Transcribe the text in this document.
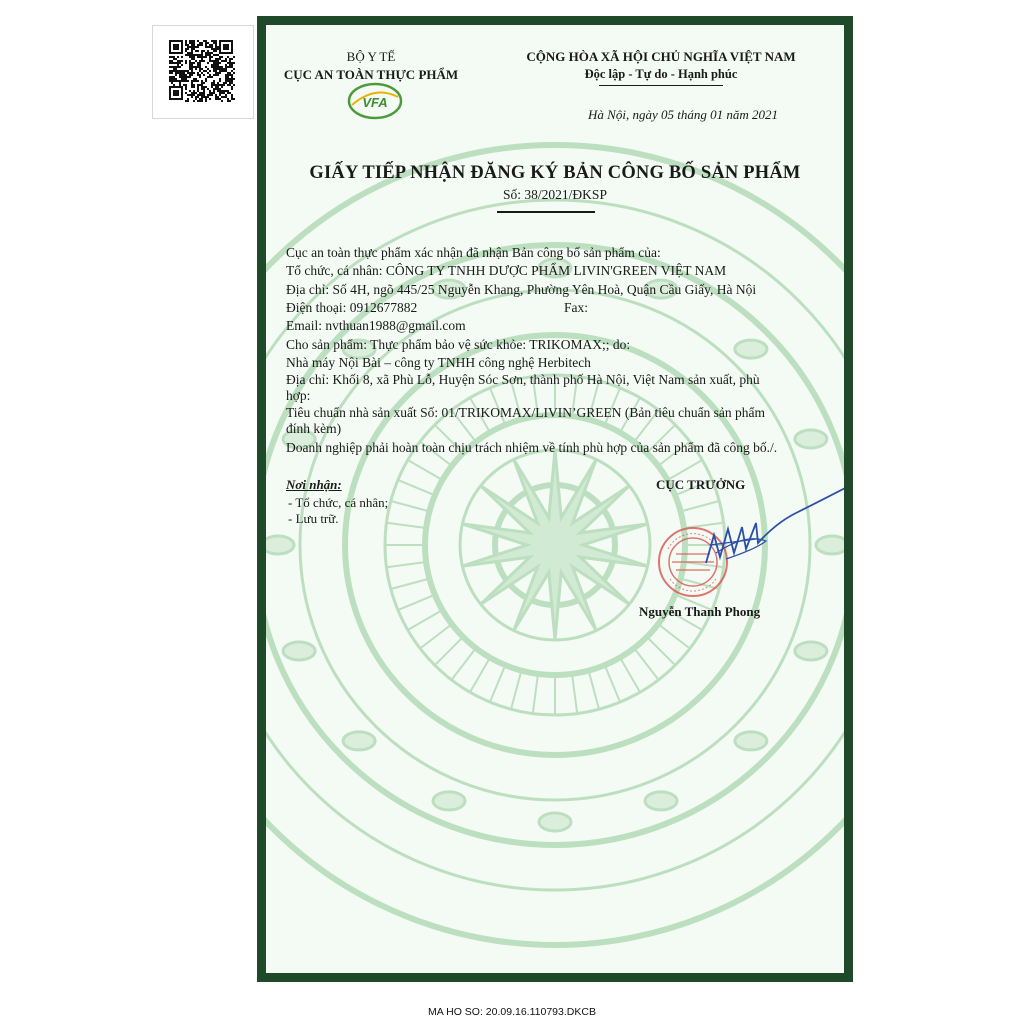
BỘ Y TẾ
CỤC AN TOÀN THỰC PHẨM
VFA
CỘNG HÒA XÃ HỘI CHỦ NGHĨA VIỆT NAM
Độc lập - Tự do - Hạnh phúc
Hà Nội, ngày 05 tháng 01 năm 2021
GIẤY TIẾP NHẬN ĐĂNG KÝ BẢN CÔNG BỐ SẢN PHẨM
Số: 38/2021/ĐKSP
Cục an toàn thực phẩm xác nhận đã nhận Bản công bố sản phẩm của:
Tổ chức, cá nhân: CÔNG TY TNHH DƯỢC PHẨM LIVIN'GREEN VIỆT NAM
Địa chỉ: Số 4H, ngõ 445/25 Nguyễn Khang, Phường Yên Hoà, Quận Cầu Giấy, Hà Nội
Điện thoại: 0912677882	Fax:
Email: nvthuan1988@gmail.com
Cho sản phẩm: Thực phẩm bảo vệ sức khỏe: TRIKOMAX;; do:
Nhà máy Nội Bài – công ty TNHH công nghệ Herbitech
Địa chỉ: Khối 8, xã Phù Lỗ, Huyện Sóc Sơn, thành phố Hà Nội, Việt Nam sản xuất, phù
hợp:
Tiêu chuẩn nhà sản xuất Số: 01/TRIKOMAX/LIVIN’GREEN (Bản tiêu chuẩn sản phẩm
đính kèm)
Doanh nghiệp phải hoàn toàn chịu trách nhiệm về tính phù hợp của sản phẩm đã công bố./.
Nơi nhận:
- Tổ chức, cá nhân;
- Lưu trữ.
CỤC TRƯỞNG
Nguyễn Thanh Phong
MA HO SO: 20.09.16.110793.DKCB
